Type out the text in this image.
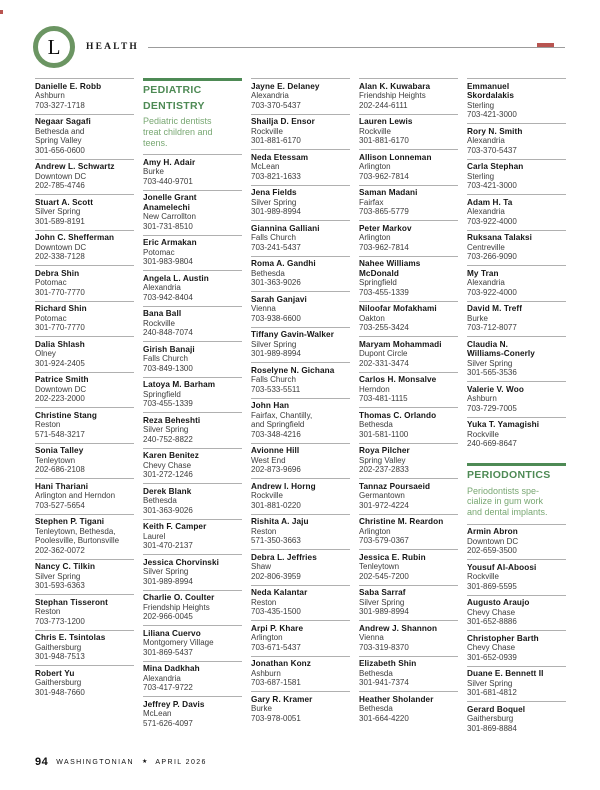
L	HEALTH
Danielle E. Robb
Ashburn
703-327-1718
Negaar Sagafi
Bethesda and
Spring Valley
301-656-0600
Andrew L. Schwartz
Downtown DC
202-785-4746
Stuart A. Scott
Silver Spring
301-589-8191
John C. Shefferman
Downtown DC
202-338-7128
Debra Shin
Potomac
301-770-7770
Richard Shin
Potomac
301-770-7770
Dalia Shlash
Olney
301-924-2405
Patrice Smith
Downtown DC
202-223-2000
Christine Stang
Reston
571-548-3217
Sonia Talley
Tenleytown
202-686-2108
Hani Thariani
Arlington and Herndon
703-527-5654
Stephen P. Tigani
Tenleytown, Bethesda,
Poolesville, Burtonsville
202-362-0072
Nancy C. Tilkin
Silver Spring
301-593-6363
Stephan Tisseront
Reston
703-773-1200
Chris E. Tsintolas
Gaithersburg
301-948-7513
Robert Yu
Gaithersburg
301-948-7660
PEDIATRIC
DENTISTRY
Pediatric dentists
treat children and
teens.
Amy H. Adair
Burke
703-440-9701
Jonelle Grant
Anamelechi
New Carrollton
301-731-8510
Eric Armakan
Potomac
301-983-9804
Angela L. Austin
Alexandria
703-942-8404
Bana Ball
Rockville
240-848-7074
Girish Banaji
Falls Church
703-849-1300
Latoya M. Barham
Springfield
703-455-1339
Reza Beheshti
Silver Spring
240-752-8822
Karen Benitez
Chevy Chase
301-272-1246
Derek Blank
Bethesda
301-363-9026
Keith F. Camper
Laurel
301-470-2137
Jessica Chorvinski
Silver Spring
301-989-8994
Charlie O. Coulter
Friendship Heights
202-966-0045
Liliana Cuervo
Montgomery Village
301-869-5437
Mina Dadkhah
Alexandria
703-417-9722
Jeffrey P. Davis
McLean
571-626-4097
Jayne E. Delaney
Alexandria
703-370-5437
Shailja D. Ensor
Rockville
301-881-6170
Neda Etessam
McLean
703-821-1633
Jena Fields
Silver Spring
301-989-8994
Giannina Galliani
Falls Church
703-241-5437
Roma A. Gandhi
Bethesda
301-363-9026
Sarah Ganjavi
Vienna
703-938-6600
Tiffany Gavin-Walker
Silver Spring
301-989-8994
Roselyne N. Gichana
Falls Church
703-533-5511
John Han
Fairfax, Chantilly,
and Springfield
703-348-4216
Avionne Hill
West End
202-873-9696
Andrew I. Horng
Rockville
301-881-0220
Rishita A. Jaju
Reston
571-350-3663
Debra L. Jeffries
Shaw
202-806-3959
Neda Kalantar
Reston
703-435-1500
Arpi P. Khare
Arlington
703-671-5437
Jonathan Konz
Ashburn
703-687-1581
Gary R. Kramer
Burke
703-978-0051
Alan K. Kuwabara
Friendship Heights
202-244-6111
Lauren Lewis
Rockville
301-881-6170
Allison Lonneman
Arlington
703-962-7814
Saman Madani
Fairfax
703-865-5779
Peter Markov
Arlington
703-962-7814
Nahee Williams
McDonald
Springfield
703-455-1339
Niloofar Mofakhami
Oakton
703-255-3424
Maryam Mohammadi
Dupont Circle
202-331-3474
Carlos H. Monsalve
Herndon
703-481-1115
Thomas C. Orlando
Bethesda
301-581-1100
Roya Pilcher
Spring Valley
202-237-2833
Tannaz Poursaeid
Germantown
301-972-4224
Christine M. Reardon
Arlington
703-579-0367
Jessica E. Rubin
Tenleytown
202-545-7200
Saba Sarraf
Silver Spring
301-989-8994
Andrew J. Shannon
Vienna
703-319-8370
Elizabeth Shin
Bethesda
301-941-7374
Heather Sholander
Bethesda
301-664-4220
Emmanuel
Skordalakis
Sterling
703-421-3000
Rory N. Smith
Alexandria
703-370-5437
Carla Stephan
Sterling
703-421-3000
Adam H. Ta
Alexandria
703-922-4000
Ruksana Talaksi
Centreville
703-266-9090
My Tran
Alexandria
703-922-4000
David M. Treff
Burke
703-712-8077
Claudia N.
Williams-Conerly
Silver Spring
301-565-3536
Valerie V. Woo
Ashburn
703-729-7005
Yuka T. Yamagishi
Rockville
240-669-8647
PERIODONTICS
Periodontists spe-
cialize in gum work
and dental implants.
Armin Abron
Downtown DC
202-659-3500
Yousuf Al-Aboosi
Rockville
301-869-5595
Augusto Araujo
Chevy Chase
301-652-8886
Christopher Barth
Chevy Chase
301-652-0939
Duane E. Bennett II
Silver Spring
301-681-4812
Gerard Boquel
Gaithersburg
301-869-8884
94 WASHINGTONIAN ★ APRIL 2026
